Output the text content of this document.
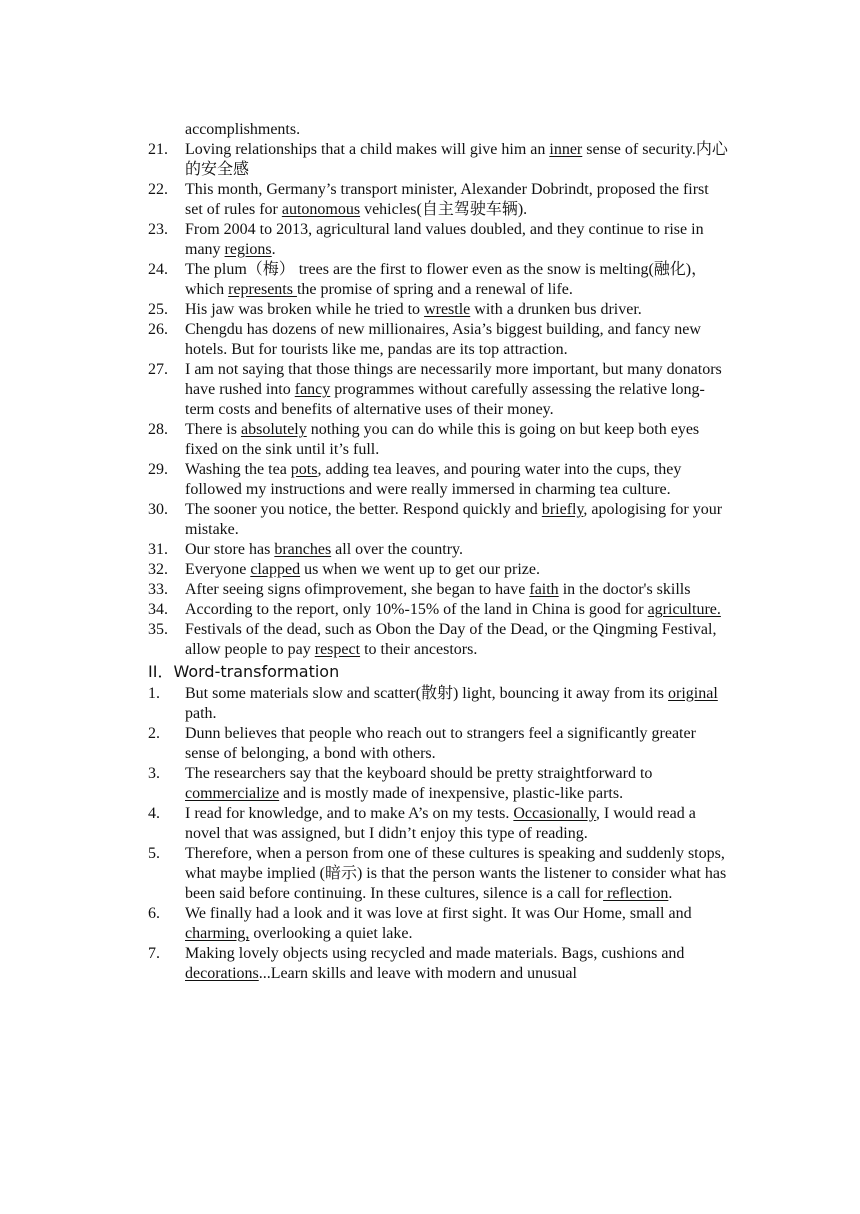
accomplishments.
21.	Loving relationships that a child makes will give him an inner sense of security.内心的安全感
22.	This month, Germany’s transport minister, Alexander Dobrindt, proposed the first set of rules for autonomous vehicles(自主驾驶车辆).
23.	From 2004 to 2013, agricultural land values doubled, and they continue to rise in many regions.
24.	The plum（梅） trees are the first to flower even as the snow is melting(融化)， which represents the promise of spring and a renewal of life.
25.	His jaw was broken while he tried to wrestle with a drunken bus driver.
26.	Chengdu has dozens of new millionaires, Asia’s biggest building, and fancy new hotels. But for tourists like me, pandas are its top attraction.
27.	I am not saying that those things are necessarily more important, but many donators have rushed into fancy programmes without carefully assessing the relative long-term costs and benefits of alternative uses of their money.
28.	There is absolutely nothing you can do while this is going on but keep both eyes fixed on the sink until it’s full.
29.	Washing the tea pots, adding tea leaves, and pouring water into the cups, they followed my instructions and were really immersed in charming tea culture.
30.	The sooner you notice, the better. Respond quickly and briefly, apologising for your mistake.
31.	Our store has branches all over the country.
32.	Everyone clapped us when we went up to get our prize.
33.	After seeing signs ofimprovement, she began to have faith in the doctor's skills
34.	According to the report, only 10%-15% of the land in China is good for agriculture.
35.	Festivals of the dead, such as Obon the Day of the Dead, or the Qingming Festival, allow people to pay respect to their ancestors.
II．Word-transformation
1.	But some materials slow and scatter(散射) light, bouncing it away from its original path.
2.	Dunn believes that people who reach out to strangers feel a significantly greater sense of belonging, a bond with others.
3.	The researchers say that the keyboard should be pretty straightforward to commercialize and is mostly made of inexpensive, plastic-like parts.
4.	I read for knowledge, and to make A’s on my tests. Occasionally, I would read a novel that was assigned, but I didn’t enjoy this type of reading.
5.	Therefore, when a person from one of these cultures is speaking and suddenly stops, what maybe implied (暗示) is that the person wants the listener to consider what has been said before continuing. In these cultures, silence is a call for reflection.
6.	We finally had a look and it was love at first sight. It was Our Home, small and charming, overlooking a quiet lake.
7.	Making lovely objects using recycled and made materials. Bags, cushions and decorations...Learn skills and leave with modern and unusual
